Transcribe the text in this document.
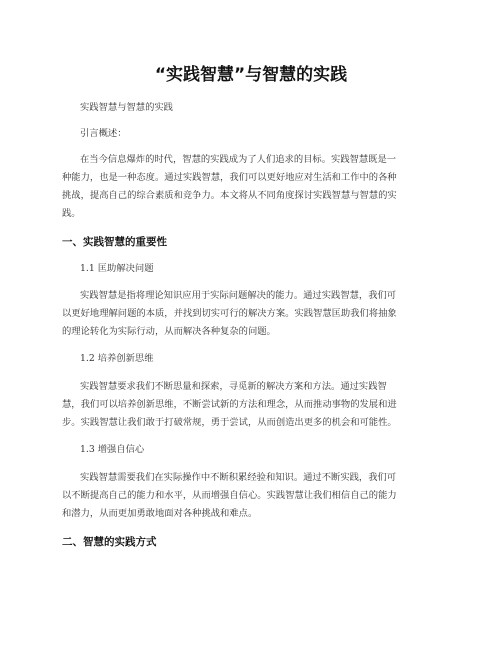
“实践智慧”与智慧的实践
实践智慧与智慧的实践
引言概述：
在当今信息爆炸的时代，智慧的实践成为了人们追求的目标。实践智慧既是一
种能力，也是一种态度。通过实践智慧，我们可以更好地应对生活和工作中的各种
挑战，提高自己的综合素质和竞争力。本文将从不同角度探讨实践智慧与智慧的实
践。
一、实践智慧的重要性
1.1 匡助解决问题
实践智慧是指将理论知识应用于实际问题解决的能力。通过实践智慧，我们可
以更好地理解问题的本质，并找到切实可行的解决方案。实践智慧匡助我们将抽象
的理论转化为实际行动，从而解决各种复杂的问题。
1.2 培养创新思维
实践智慧要求我们不断思量和探索，寻觅新的解决方案和方法。通过实践智
慧，我们可以培养创新思维，不断尝试新的方法和理念，从而推动事物的发展和进
步。实践智慧让我们敢于打破常规，勇于尝试，从而创造出更多的机会和可能性。
1.3 增强自信心
实践智慧需要我们在实际操作中不断积累经验和知识。通过不断实践，我们可
以不断提高自己的能力和水平，从而增强自信心。实践智慧让我们相信自己的能力
和潜力，从而更加勇敢地面对各种挑战和难点。
二、智慧的实践方式
